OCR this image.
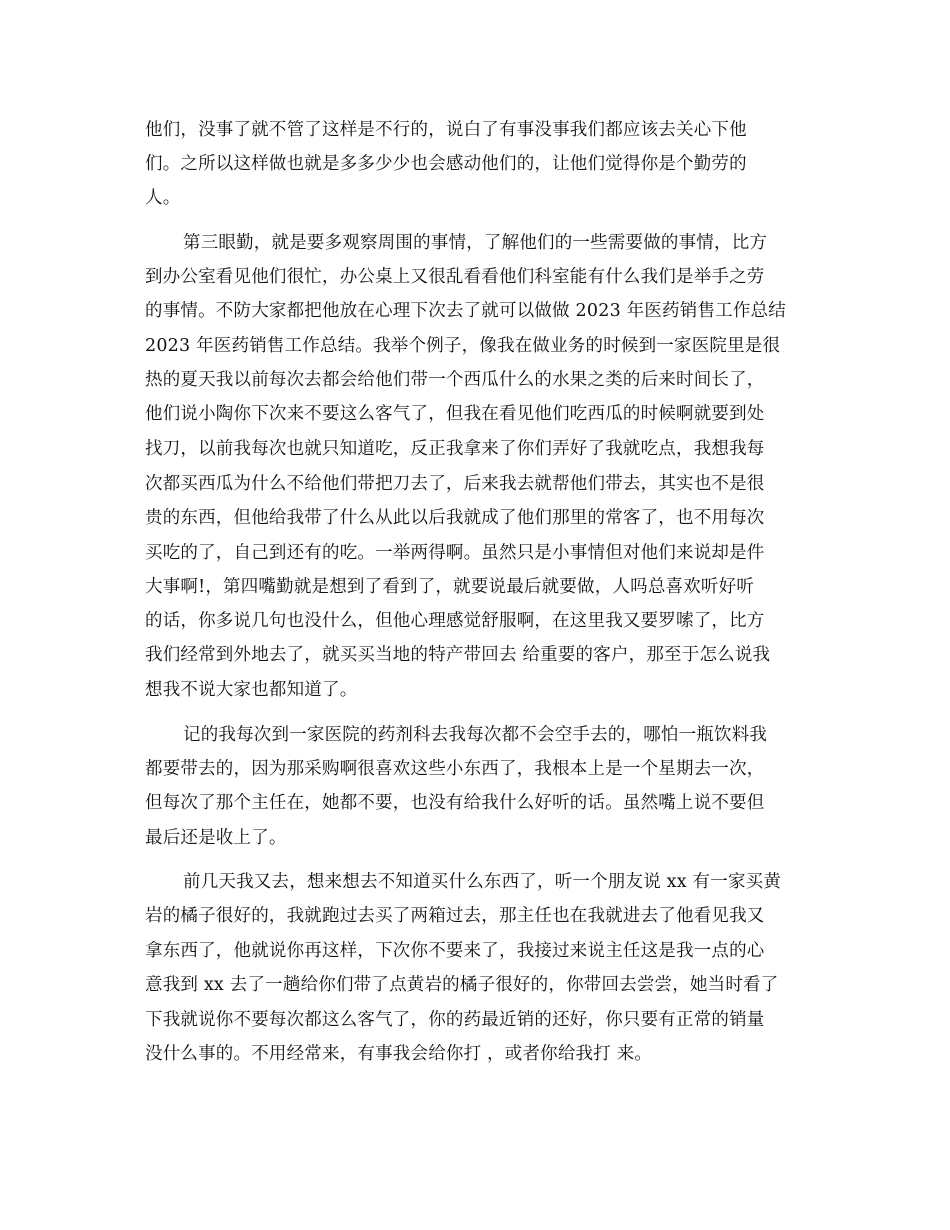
他们，没事了就不管了这样是不行的，说白了有事没事我们都应该去关心下他

们。之所以这样做也就是多多少少也会感动他们的，让他们觉得你是个勤劳的

人。

第三眼勤，就是要多观察周围的事情，了解他们的一些需要做的事情，比方

到办公室看见他们很忙，办公桌上又很乱看看他们科室能有什么我们是举手之劳

的事情。不防大家都把他放在心理下次去了就可以做做 2023 年医药销售工作总结

2023 年医药销售工作总结。我举个例子，像我在做业务的时候到一家医院里是很

热的夏天我以前每次去都会给他们带一个西瓜什么的水果之类的后来时间长了，

他们说小陶你下次来不要这么客气了，但我在看见他们吃西瓜的时候啊就要到处

找刀，以前我每次也就只知道吃，反正我拿来了你们弄好了我就吃点，我想我每

次都买西瓜为什么不给他们带把刀去了，后来我去就帮他们带去，其实也不是很

贵的东西，但他给我带了什么从此以后我就成了他们那里的常客了，也不用每次

买吃的了，自己到还有的吃。一举两得啊。虽然只是小事情但对他们来说却是件

大事啊!，第四嘴勤就是想到了看到了，就要说最后就要做，人吗总喜欢听好听

的话，你多说几句也没什么，但他心理感觉舒服啊，在这里我又要罗嗦了，比方

我们经常到外地去了，就买买当地的特产带回去 给重要的客户，那至于怎么说我

想我不说大家也都知道了。

记的我每次到一家医院的药剂科去我每次都不会空手去的，哪怕一瓶饮料我

都要带去的，因为那采购啊很喜欢这些小东西了，我根本上是一个星期去一次，

但每次了那个主任在，她都不要，也没有给我什么好听的话。虽然嘴上说不要但

最后还是收上了。

前几天我又去，想来想去不知道买什么东西了，听一个朋友说 xx 有一家买黄

岩的橘子很好的，我就跑过去买了两箱过去，那主任也在我就进去了他看见我又

拿东西了，他就说你再这样，下次你不要来了，我接过来说主任这是我一点的心

意我到 xx 去了一趟给你们带了点黄岩的橘子很好的，你带回去尝尝，她当时看了

下我就说你不要每次都这么客气了，你的药最近销的还好，你只要有正常的销量

没什么事的。不用经常来，有事我会给你打 ，或者你给我打 来。
